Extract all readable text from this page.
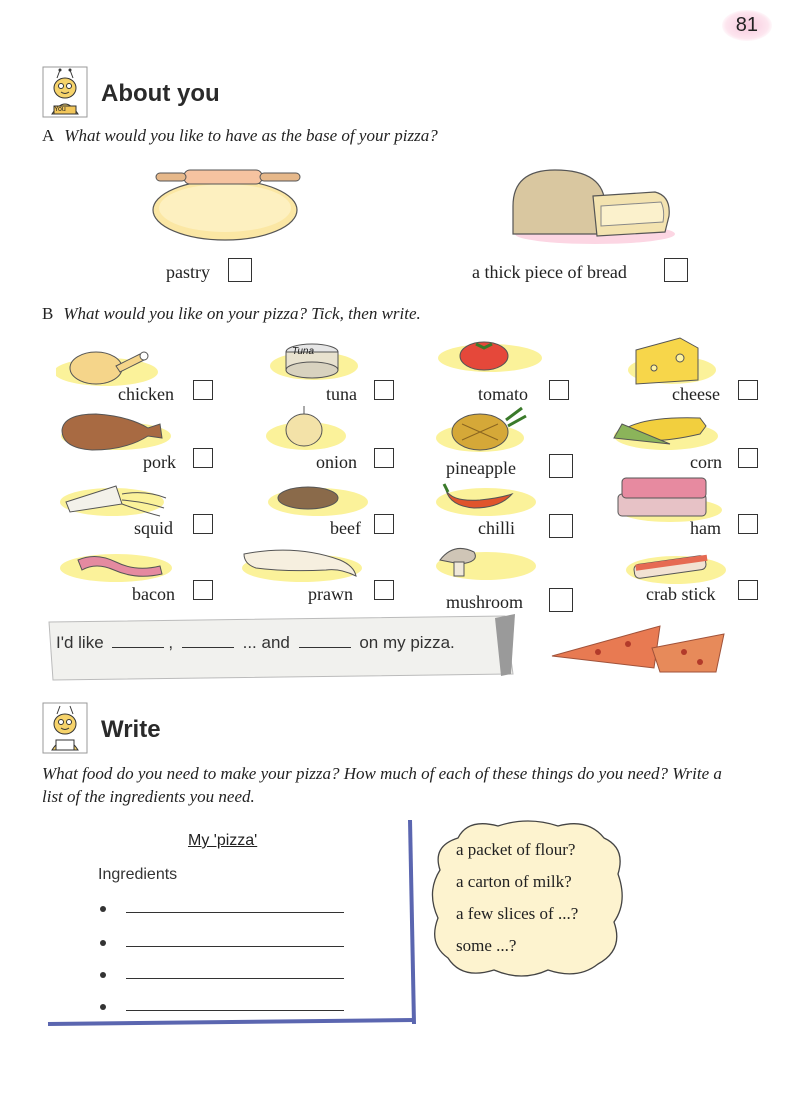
81
You
About you
A What would you like to have as the base of your pizza?
pastry	a thick piece of bread
B What would you like on your pizza? Tick, then write.
chicken
Tuna
tuna	tomato	cheese
pork	onion	pineapple	corn
squid	beef	chilli	ham
bacon	prawn	mushroom	crab stick
I'd like	,	... and	on my pizza.
Write
What food do you need to make your pizza? How much of each of these things do you need? Write a list of the ingredients you need.
My 'pizza'
Ingredients
a packet of flour?
a carton of milk?
a few slices of ...?
some ...?
